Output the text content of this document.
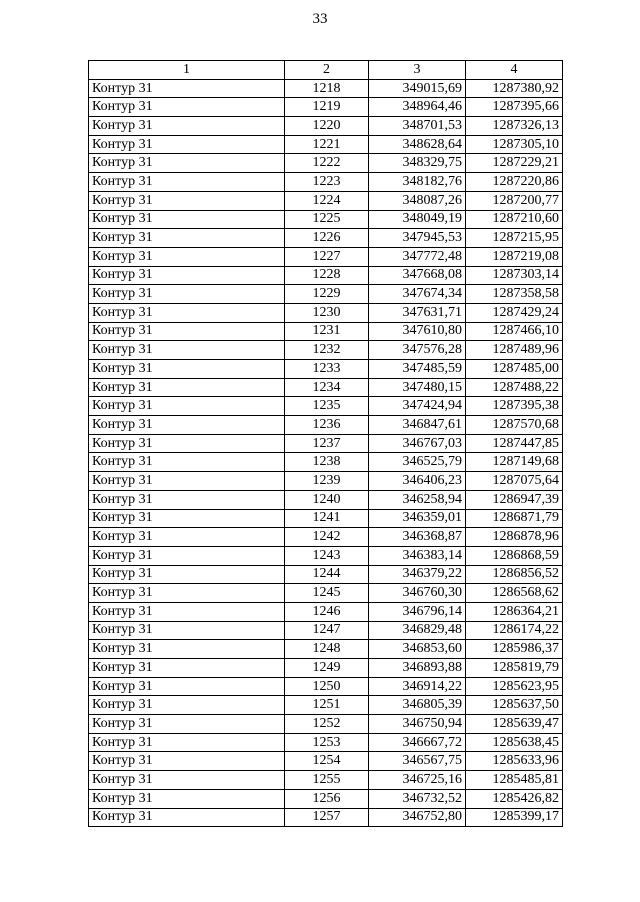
33
1	2	3	4
Контур 31	1218	349015,69	1287380,92
Контур 31	1219	348964,46	1287395,66
Контур 31	1220	348701,53	1287326,13
Контур 31	1221	348628,64	1287305,10
Контур 31	1222	348329,75	1287229,21
Контур 31	1223	348182,76	1287220,86
Контур 31	1224	348087,26	1287200,77
Контур 31	1225	348049,19	1287210,60
Контур 31	1226	347945,53	1287215,95
Контур 31	1227	347772,48	1287219,08
Контур 31	1228	347668,08	1287303,14
Контур 31	1229	347674,34	1287358,58
Контур 31	1230	347631,71	1287429,24
Контур 31	1231	347610,80	1287466,10
Контур 31	1232	347576,28	1287489,96
Контур 31	1233	347485,59	1287485,00
Контур 31	1234	347480,15	1287488,22
Контур 31	1235	347424,94	1287395,38
Контур 31	1236	346847,61	1287570,68
Контур 31	1237	346767,03	1287447,85
Контур 31	1238	346525,79	1287149,68
Контур 31	1239	346406,23	1287075,64
Контур 31	1240	346258,94	1286947,39
Контур 31	1241	346359,01	1286871,79
Контур 31	1242	346368,87	1286878,96
Контур 31	1243	346383,14	1286868,59
Контур 31	1244	346379,22	1286856,52
Контур 31	1245	346760,30	1286568,62
Контур 31	1246	346796,14	1286364,21
Контур 31	1247	346829,48	1286174,22
Контур 31	1248	346853,60	1285986,37
Контур 31	1249	346893,88	1285819,79
Контур 31	1250	346914,22	1285623,95
Контур 31	1251	346805,39	1285637,50
Контур 31	1252	346750,94	1285639,47
Контур 31	1253	346667,72	1285638,45
Контур 31	1254	346567,75	1285633,96
Контур 31	1255	346725,16	1285485,81
Контур 31	1256	346732,52	1285426,82
Контур 31	1257	346752,80	1285399,17
